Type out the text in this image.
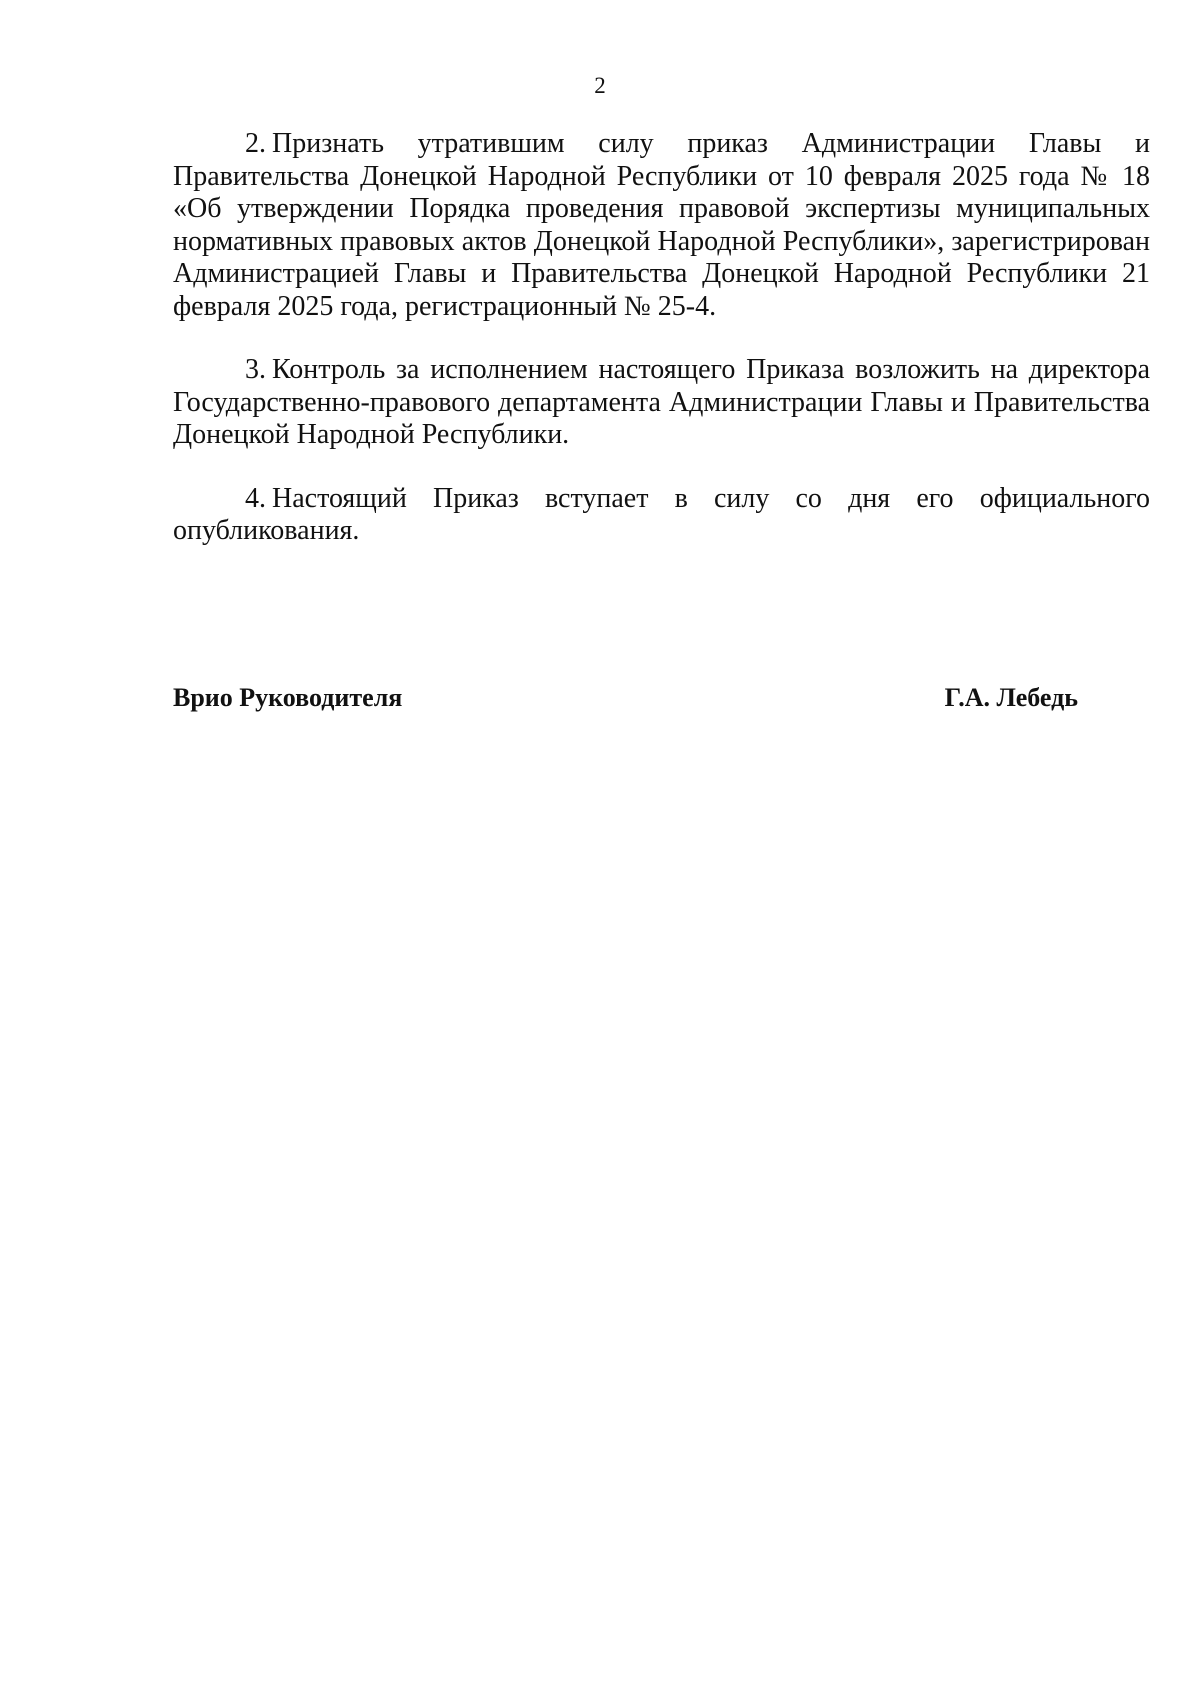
2

2. Признать утратившим силу приказ Администрации Главы и Правительства Донецкой Народной Республики от 10 февраля 2025 года № 18 «Об утверждении Порядка проведения правовой экспертизы муниципальных нормативных правовых актов Донецкой Народной Республики», зарегистрирован Администрацией Главы и Правительства Донецкой Народной Республики 21 февраля 2025 года, регистрационный № 25-4.

3. Контроль за исполнением настоящего Приказа возложить на директора Государственно-правового департамента Администрации Главы и Правительства Донецкой Народной Республики.

4. Настоящий Приказ вступает в силу со дня его официального опубликования.

Врио Руководителя	Г.А. Лебедь
